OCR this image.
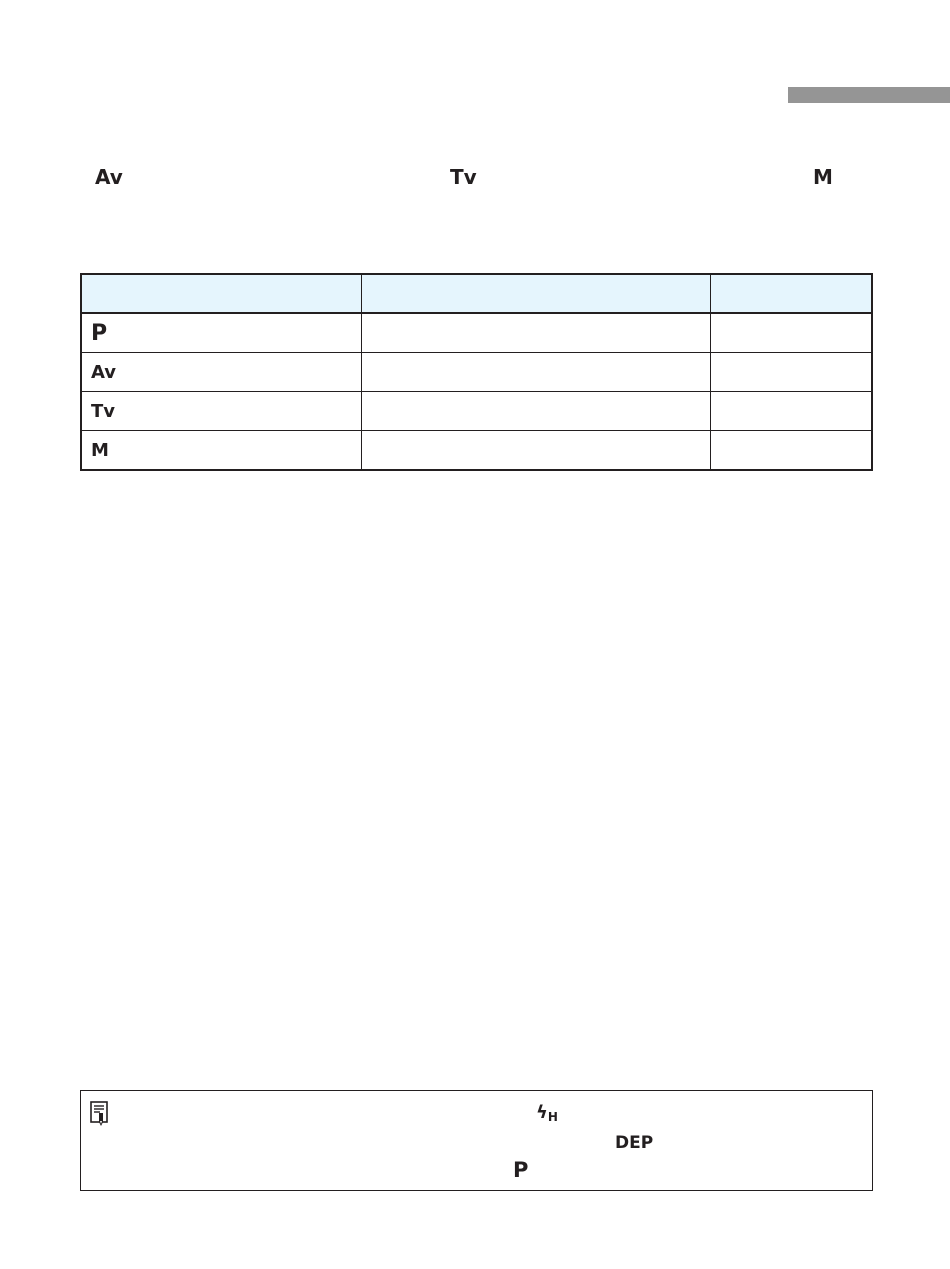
Av	Tv	M

P		
Av		
Tv		
M		
$ϟ_H$
DEP
P
